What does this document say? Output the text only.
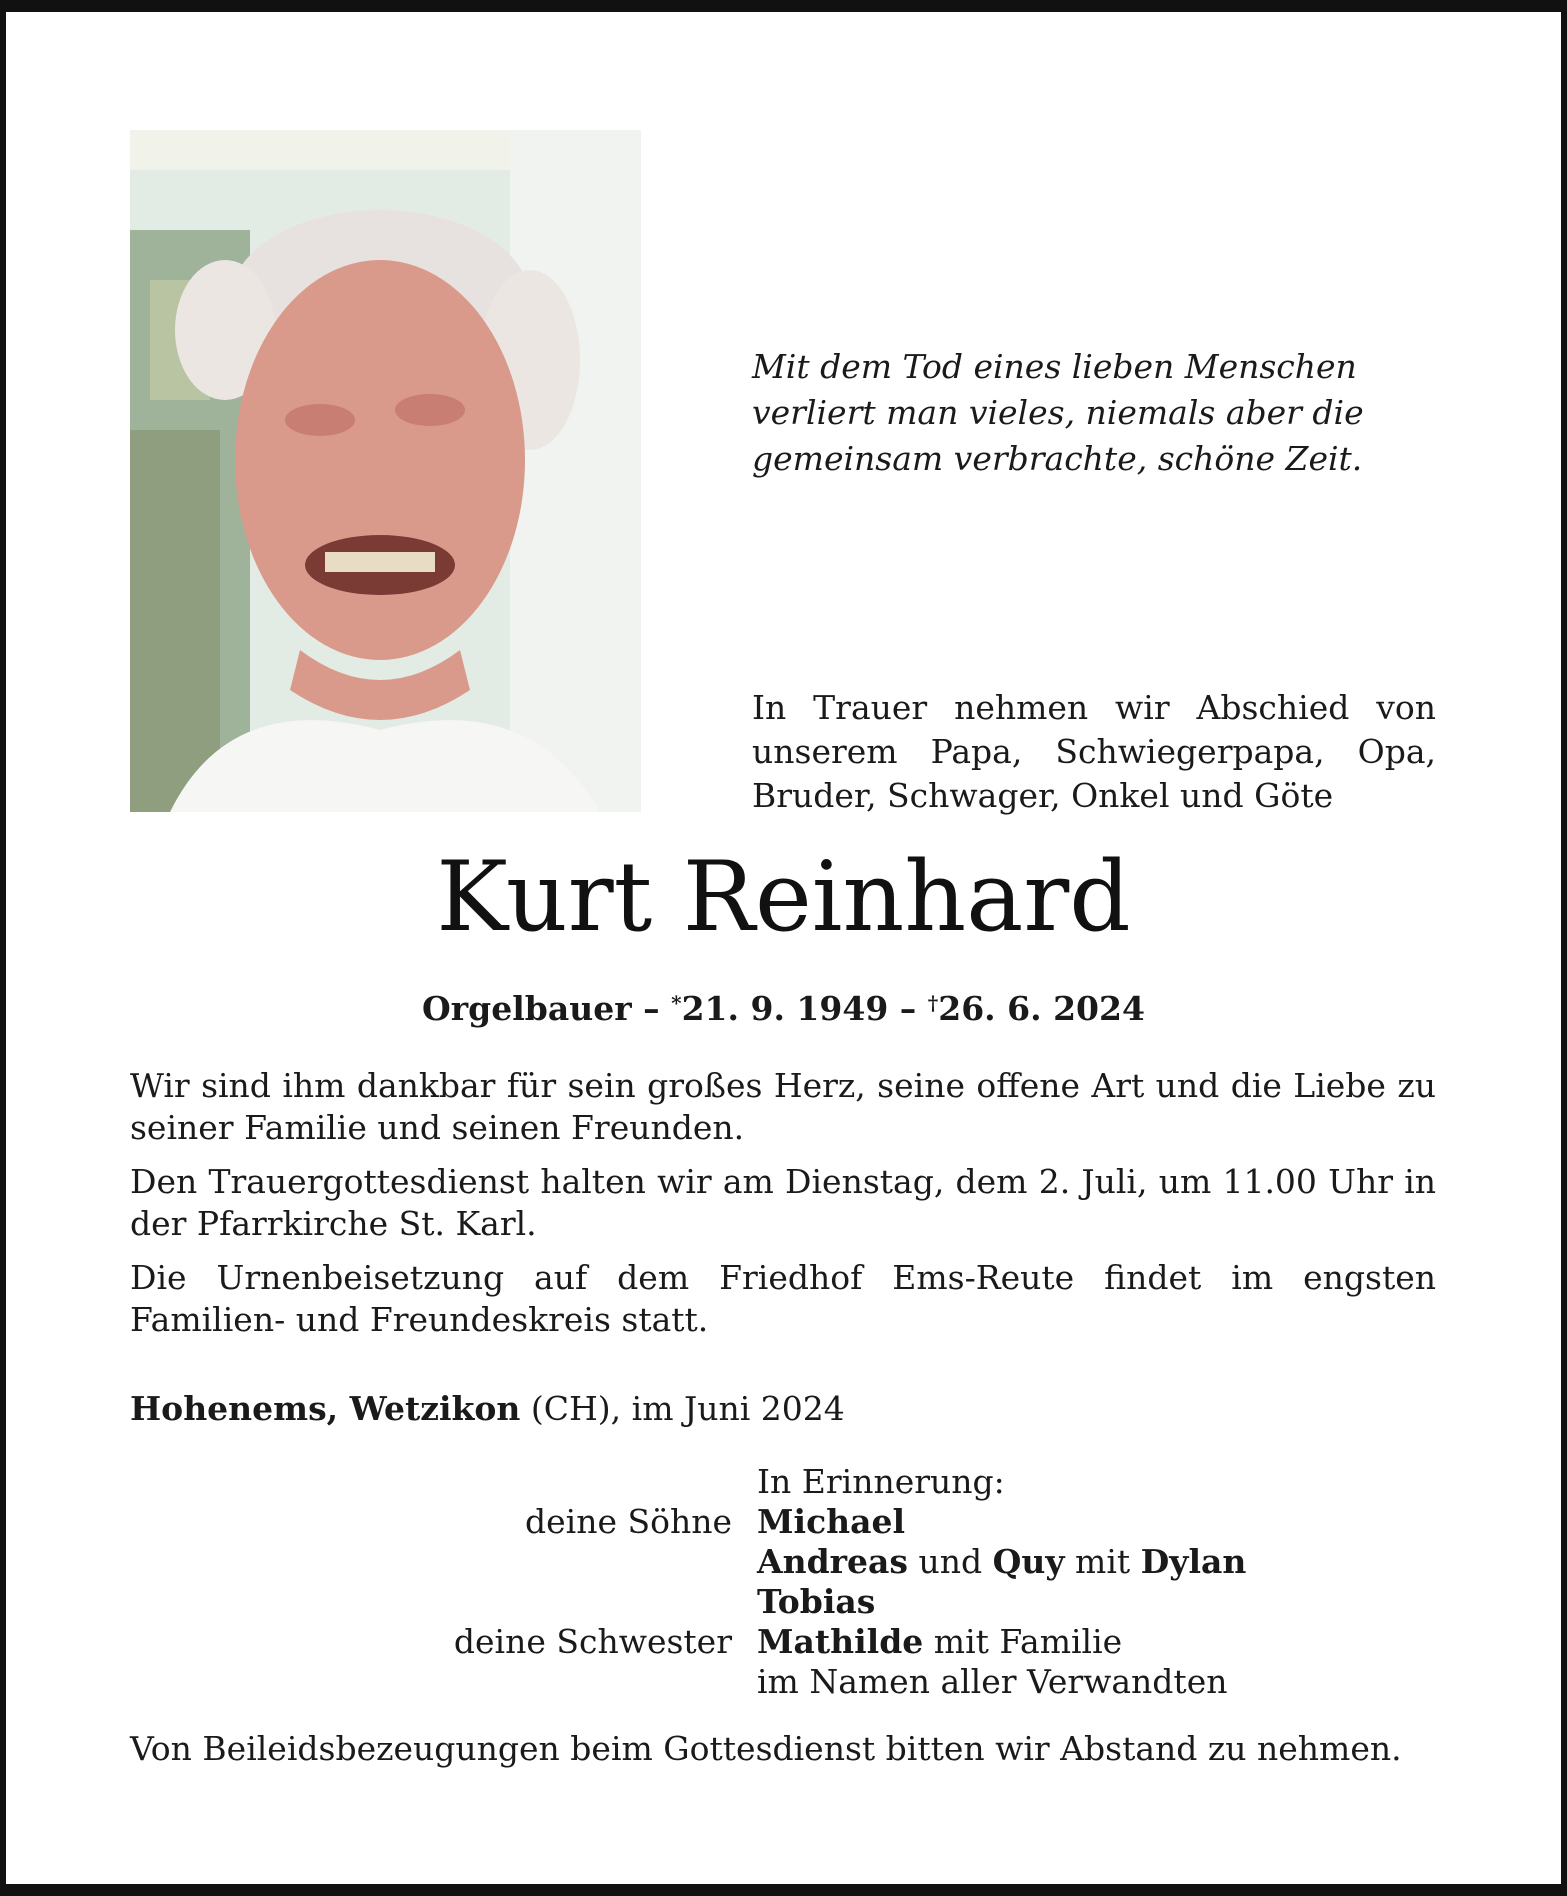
Mit dem Tod eines lieben Menschen
verliert man vieles, niemals aber die
gemeinsam verbrachte, schöne Zeit.
In Trauer nehmen wir Abschied von
unserem Papa, Schwiegerpapa, Opa,
Bruder, Schwager, Onkel und Göte
Kurt Reinhard
Orgelbauer – *21. 9. 1949 – †26. 6. 2024

Wir sind ihm dankbar für sein großes Herz, seine offene Art und die Liebe zu seiner Familie und seinen Freunden.

Den Trauergottesdienst halten wir am Dienstag, dem 2. Juli, um 11.00 Uhr in der Pfarrkirche St. Karl.

Die Urnenbeisetzung auf dem Friedhof Ems-Reute findet im engsten Familien- und Freundeskreis statt.

Hohenems, Wetzikon (CH), im Juni 2024
In Erinnerung:
deine Söhne Michael
Andreas und Quy mit Dylan
Tobias
deine Schwester Mathilde mit Familie
im Namen aller Verwandten
Von Beileidsbezeugungen beim Gottesdienst bitten wir Abstand zu nehmen.
